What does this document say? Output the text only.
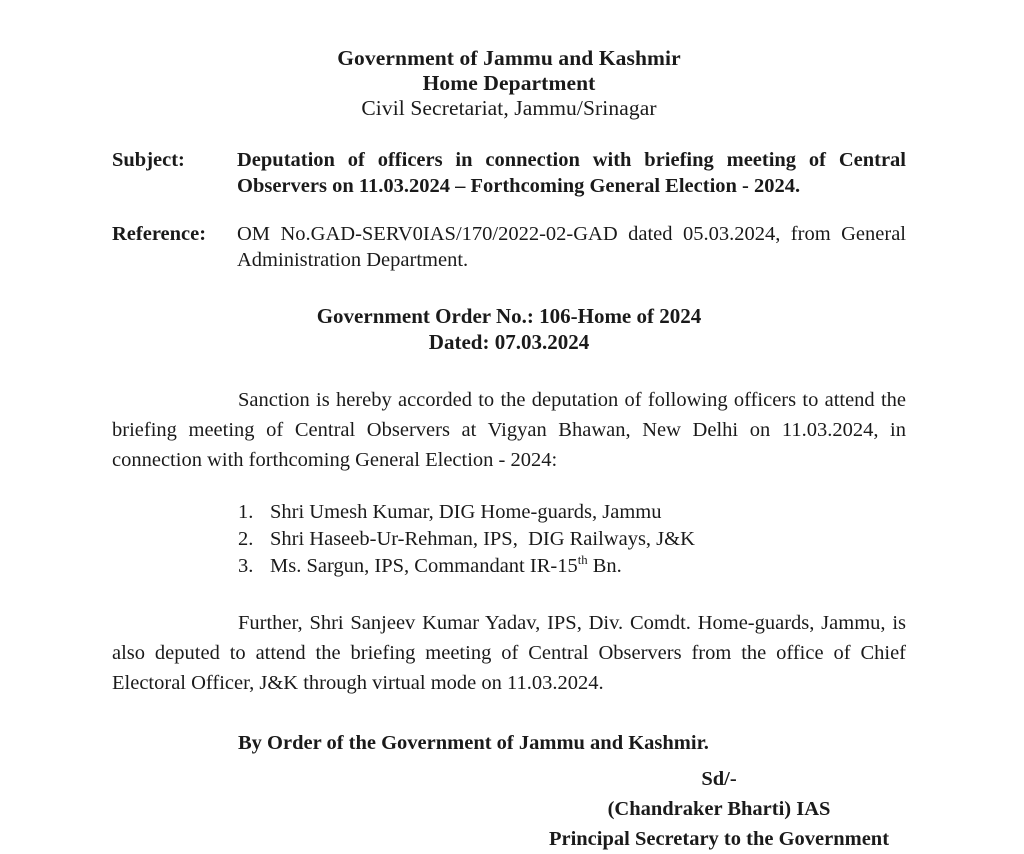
Government of Jammu and Kashmir
Home Department
Civil Secretariat, Jammu/Srinagar
Subject:	Deputation of officers in connection with briefing meeting of Central Observers on 11.03.2024 – Forthcoming General Election - 2024.
Reference:	OM No.GAD-SERV0IAS/170/2022-02-GAD dated 05.03.2024, from General Administration Department.
Government Order No.: 106-Home of 2024
Dated: 07.03.2024

Sanction is hereby accorded to the deputation of following officers to attend the briefing meeting of Central Observers at Vigyan Bhawan, New Delhi on 11.03.2024, in connection with forthcoming General Election - 2024:

1. Shri Umesh Kumar, DIG Home-guards, Jammu
2. Shri Haseeb-Ur-Rehman, IPS,  DIG Railways, J&K
3. Ms. Sargun, IPS, Commandant IR-15th Bn.

Further, Shri Sanjeev Kumar Yadav, IPS, Div. Comdt. Home-guards, Jammu, is also deputed to attend the briefing meeting of Central Observers from the office of Chief Electoral Officer, J&K through virtual mode on 11.03.2024.

By Order of the Government of Jammu and Kashmir.
Sd/-
(Chandraker Bharti) IAS
Principal Secretary to the Government
